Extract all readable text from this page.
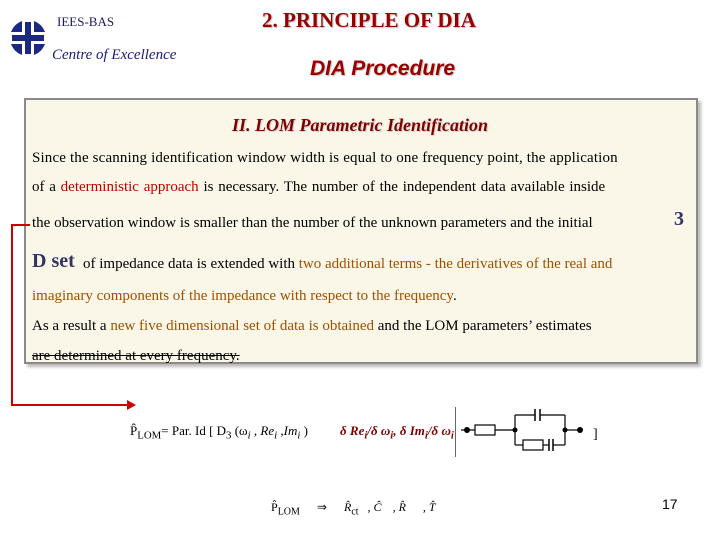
IEES-BAS
Centre of Excellence
2. PRINCIPLE OF DIA
DIA Procedure
II. LOM Parametric Identification
Since the scanning identification window width is equal to one frequency point, the application
of a deterministic approach is necessary. The number of the independent data available inside
the observation window is smaller than the number of the unknown parameters and the initial	3
D set of impedance data is extended with two additional terms - the derivatives of the real and
imaginary components of the impedance with respect to the frequency.
As a result a new five dimensional set of data is obtained and the LOM parameters’ estimates
are determined at every frequency.
$P̂_{LOM}=$ Par. Id [ $D_3$ ($\omega_i$ , $Re_i$ $,Im_i$ ) δ $Re_i/\delta$ $\omega_i$, δ $Im_i/\delta$ $\omega_i$	]
$P̂_{LOM}$ ⇒ $R̂_{ct}$ , Ĉ , R̂ , T̂	17
